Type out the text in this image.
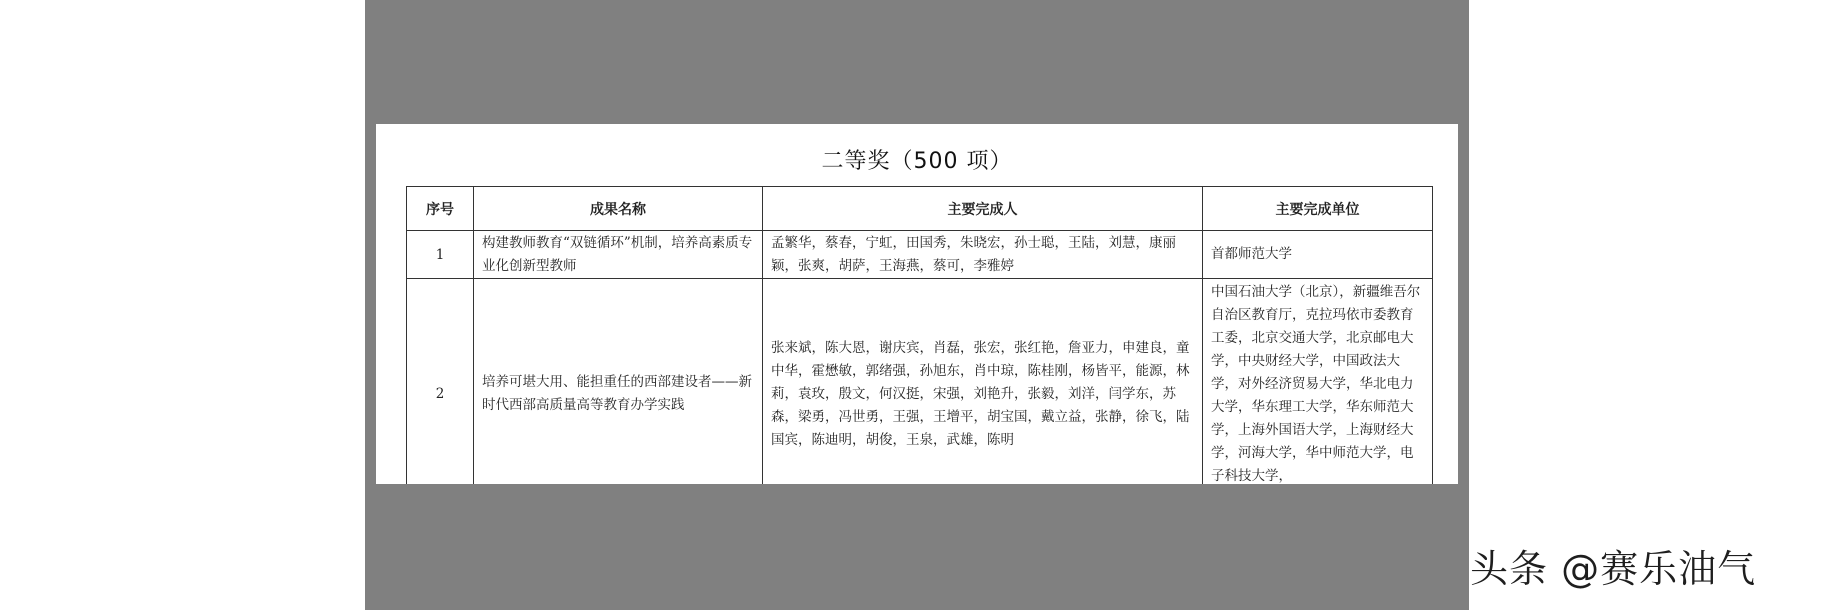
二等奖（500 项）
序号	成果名称	主要完成人	主要完成单位
1	构建教师教育“双链循环”机制，培养高素质专业化创新型教师	孟繁华，蔡春，宁虹，田国秀，朱晓宏，孙士聪，王陆，刘慧，康丽颖，张爽，胡萨，王海燕，蔡可，李雅婷	首都师范大学
2	培养可堪大用、能担重任的西部建设者——新时代西部高质量高等教育办学实践	张来斌，陈大恩，谢庆宾，肖磊，张宏，张红艳，詹亚力，申建良，童中华，霍懋敏，郭绪强，孙旭东，肖中琼，陈桂刚，杨皆平，能源，林莉，袁玫，殷文，何汉挺，宋强，刘艳升，张毅，刘洋，闫学东，苏森，梁勇，冯世勇，王强，王增平，胡宝国，戴立益，张静，徐飞，陆国宾，陈迪明，胡俊，王泉，武雄，陈明	中国石油大学（北京），新疆维吾尔自治区教育厅，克拉玛依市委教育工委，北京交通大学，北京邮电大学，中央财经大学，中国政法大学，对外经济贸易大学，华北电力大学，华东理工大学，华东师范大学，上海外国语大学，上海财经大学，河海大学，华中师范大学，电子科技大学，
头条 @赛乐油气
